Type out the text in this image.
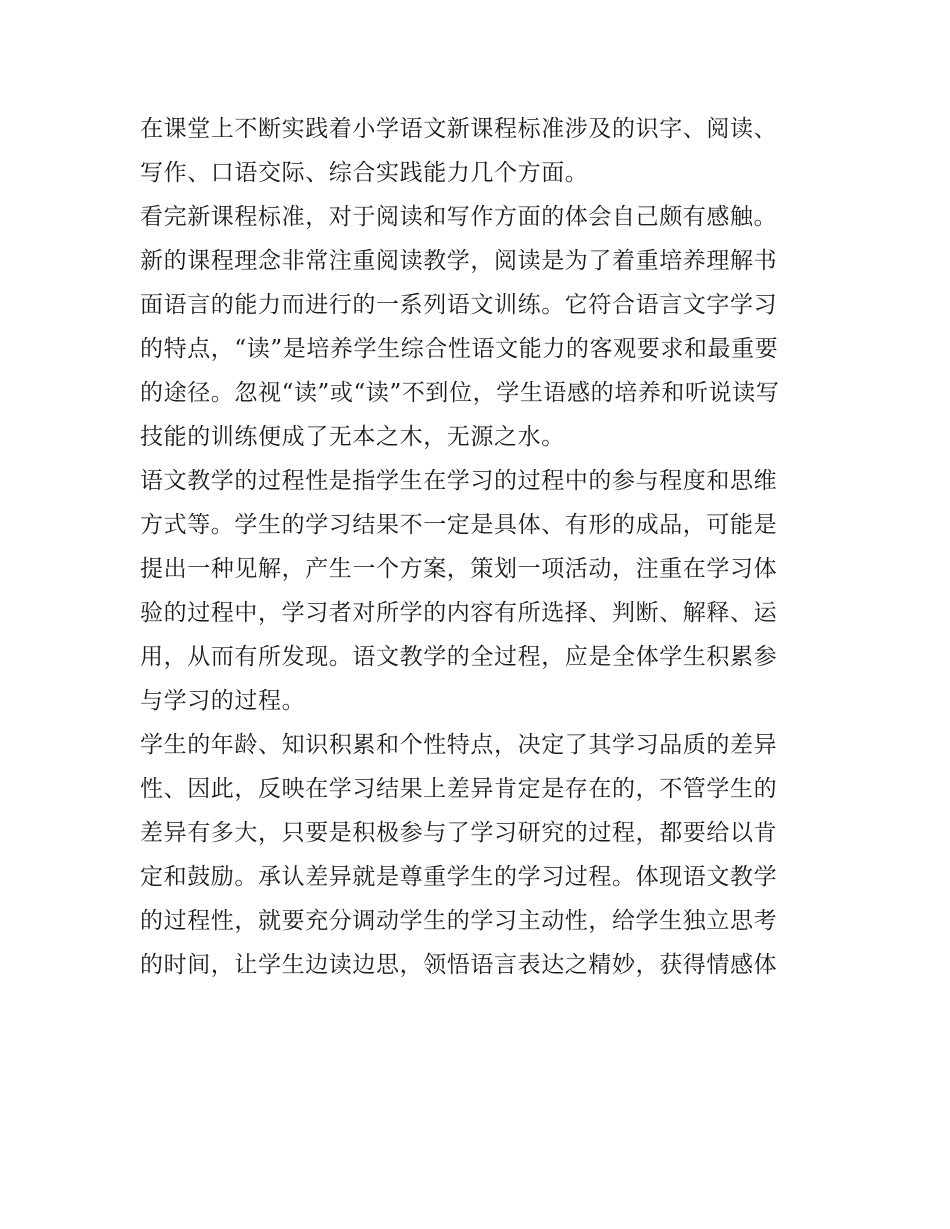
在课堂上不断实践着小学语文新课程标准涉及的识字、阅读、
写作、口语交际、综合实践能力几个方面。

看完新课程标准，对于阅读和写作方面的体会自己颇有感触。

新的课程理念非常注重阅读教学，阅读是为了着重培养理解书
面语言的能力而进行的一系列语文训练。它符合语言文字学习
的特点，“读”是培养学生综合性语文能力的客观要求和最重要
的途径。忽视“读”或“读”不到位，学生语感的培养和听说读写
技能的训练便成了无本之木，无源之水。

语文教学的过程性是指学生在学习的过程中的参与程度和思维
方式等。学生的学习结果不一定是具体、有形的成品，可能是
提出一种见解，产生一个方案，策划一项活动，注重在学习体
验的过程中，学习者对所学的内容有所选择、判断、解释、运
用，从而有所发现。语文教学的全过程，应是全体学生积累参
与学习的过程。

学生的年龄、知识积累和个性特点，决定了其学习品质的差异
性、因此，反映在学习结果上差异肯定是存在的，不管学生的
差异有多大，只要是积极参与了学习研究的过程，都要给以肯
定和鼓励。承认差异就是尊重学生的学习过程。体现语文教学
的过程性，就要充分调动学生的学习主动性，给学生独立思考
的时间，让学生边读边思，领悟语言表达之精妙，获得情感体
